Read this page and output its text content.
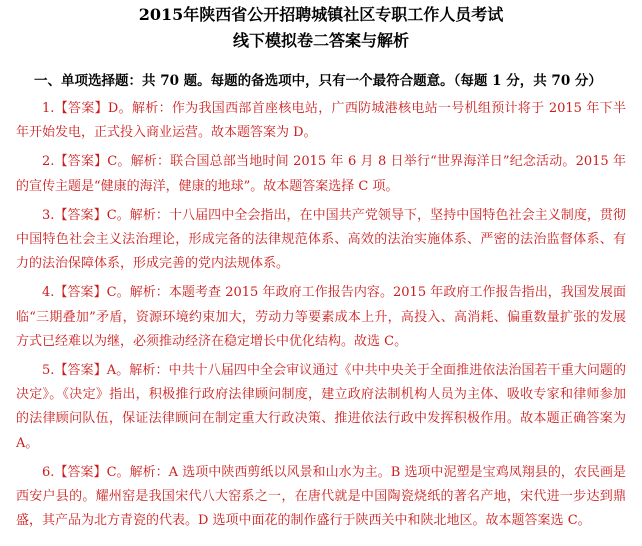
2015年陕西省公开招聘城镇社区专职工作人员考试
线下模拟卷二答案与解析
一、单项选择题：共 70 题。每题的备选项中，只有一个最符合题意。（每题 1 分，共 70 分）

1.【答案】D。解析：作为我国西部首座核电站，广西防城港核电站一号机组预计将于 2015 年下半年开始发电，正式投入商业运营。故本题答案为 D。

2.【答案】C。解析：联合国总部当地时间 2015 年 6 月 8 日举行“世界海洋日”纪念活动。2015 年的宣传主题是“健康的海洋，健康的地球”。故本题答案选择 C 项。

3.【答案】C。解析：十八届四中全会指出，在中国共产党领导下，坚持中国特色社会主义制度，贯彻中国特色社会主义法治理论，形成完备的法律规范体系、高效的法治实施体系、严密的法治监督体系、有力的法治保障体系，形成完善的党内法规体系。

4.【答案】C。解析：本题考查 2015 年政府工作报告内容。2015 年政府工作报告指出，我国发展面临“三期叠加”矛盾，资源环境约束加大，劳动力等要素成本上升，高投入、高消耗、偏重数量扩张的发展方式已经难以为继，必须推动经济在稳定增长中优化结构。故选 C。

5.【答案】A。解析：中共十八届四中全会审议通过《中共中央关于全面推进依法治国若干重大问题的决定》。《决定》指出，积极推行政府法律顾问制度，建立政府法制机构人员为主体、吸收专家和律师参加的法律顾问队伍，保证法律顾问在制定重大行政决策、推进依法行政中发挥积极作用。故本题正确答案为 A。

6.【答案】C。解析：A 选项中陕西剪纸以风景和山水为主。B 选项中泥塑是宝鸡凤翔县的，农民画是西安户县的。耀州窑是我国宋代八大窑系之一，在唐代就是中国陶瓷烧纸的著名产地，宋代进一步达到鼎盛，其产品为北方青瓷的代表。D 选项中面花的制作盛行于陕西关中和陕北地区。故本题答案选 C。
